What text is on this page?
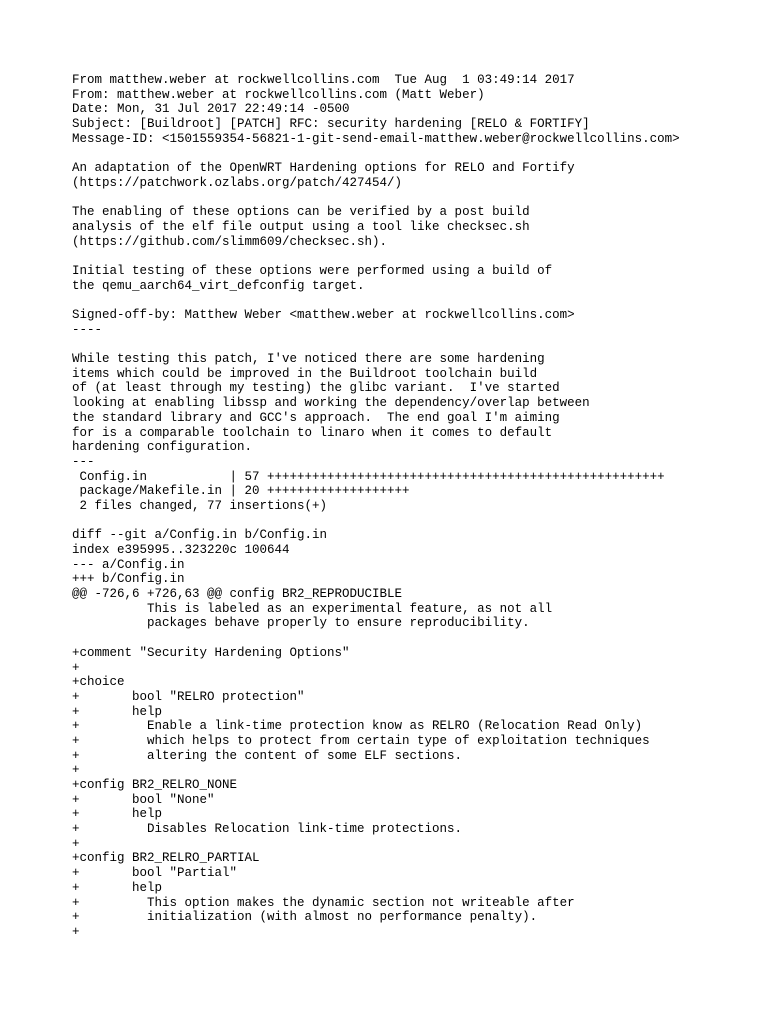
From matthew.weber at rockwellcollins.com  Tue Aug  1 03:49:14 2017
From: matthew.weber at rockwellcollins.com (Matt Weber)
Date: Mon, 31 Jul 2017 22:49:14 -0500
Subject: [Buildroot] [PATCH] RFC: security hardening [RELO & FORTIFY]
Message-ID: <1501559354-56821-1-git-send-email-matthew.weber@rockwellcollins.com>
An adaptation of the OpenWRT Hardening options for RELO and Fortify
(https://patchwork.ozlabs.org/patch/427454/)
The enabling of these options can be verified by a post build
analysis of the elf file output using a tool like checksec.sh
(https://github.com/slimm609/checksec.sh).
Initial testing of these options were performed using a build of
the qemu_aarch64_virt_defconfig target.
Signed-off-by: Matthew Weber <matthew.weber at rockwellcollins.com>
----
While testing this patch, I've noticed there are some hardening
items which could be improved in the Buildroot toolchain build
of (at least through my testing) the glibc variant.  I've started
looking at enabling libssp and working the dependency/overlap between
the standard library and GCC's approach.  The end goal I'm aiming
for is a comparable toolchain to linaro when it comes to default
hardening configuration.
---
Config.in           | 57 +++++++++++++++++++++++++++++++++++++++++++++++++++++
package/Makefile.in | 20 +++++++++++++++++++
2 files changed, 77 insertions(+)
diff --git a/Config.in b/Config.in
index e395995..323220c 100644
--- a/Config.in
+++ b/Config.in
@@ -726,6 +726,63 @@ config BR2_REPRODUCIBLE
This is labeled as an experimental feature, as not all
packages behave properly to ensure reproducibility.
+comment "Security Hardening Options"
+
+choice
+       bool "RELRO protection"
+       help
+         Enable a link-time protection know as RELRO (Relocation Read Only)
+         which helps to protect from certain type of exploitation techniques
+         altering the content of some ELF sections.
+
+config BR2_RELRO_NONE
+       bool "None"
+       help
+         Disables Relocation link-time protections.
+
+config BR2_RELRO_PARTIAL
+       bool "Partial"
+       help
+         This option makes the dynamic section not writeable after
+         initialization (with almost no performance penalty).
+
